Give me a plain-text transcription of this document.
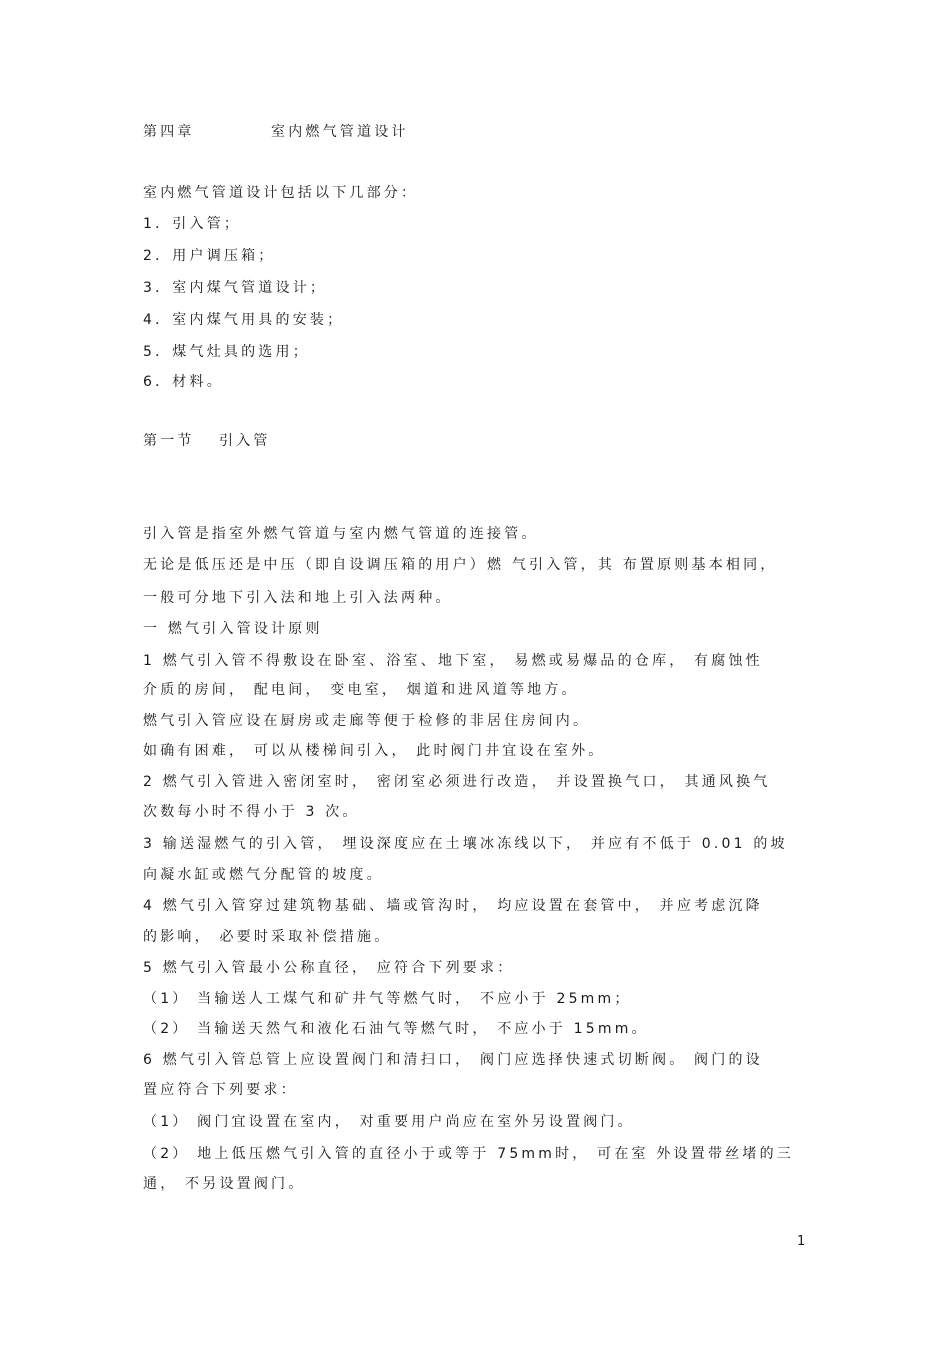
第四章	室内燃气管道设计
室内燃气管道设计包括以下几部分：
1．引入管；
2．用户调压箱；
3．室内煤气管道设计；
4．室内煤气用具的安装；
5．煤气灶具的选用；
6．材料。
第一节 引入管
引入管是指室外燃气管道与室内燃气管道的连接管。
无论是低压还是中压（即自设调压箱的用户）燃 气引入管，其 布置原则基本相同，
一般可分地下引入法和地上引入法两种。
一 燃气引入管设计原则
1 燃气引入管不得敷设在卧室、浴室、地下室， 易燃或易爆品的仓库， 有腐蚀性
介质的房间， 配电间， 变电室， 烟道和进风道等地方。
燃气引入管应设在厨房或走廊等便于检修的非居住房间内。
如确有困难， 可以从楼梯间引入， 此时阀门井宜设在室外。
2 燃气引入管进入密闭室时， 密闭室必须进行改造， 并设置换气口， 其通风换气
次数每小时不得小于 3 次。
3 输送湿燃气的引入管， 埋设深度应在土壤冰冻线以下， 并应有不低于 0.01 的坡
向凝水缸或燃气分配管的坡度。
4 燃气引入管穿过建筑物基础、墙或管沟时， 均应设置在套管中， 并应考虑沉降
的影响， 必要时采取补偿措施。
5 燃气引入管最小公称直径， 应符合下列要求：
（1） 当输送人工煤气和矿井气等燃气时， 不应小于 25mm；
（2） 当输送天然气和液化石油气等燃气时， 不应小于 15mm。
6 燃气引入管总管上应设置阀门和清扫口， 阀门应选择快速式切断阀。 阀门的设
置应符合下列要求：
（1） 阀门宜设置在室内， 对重要用户尚应在室外另设置阀门。
（2） 地上低压燃气引入管的直径小于或等于 75mm时， 可在室 外设置带丝堵的三
通， 不另设置阀门。
1
